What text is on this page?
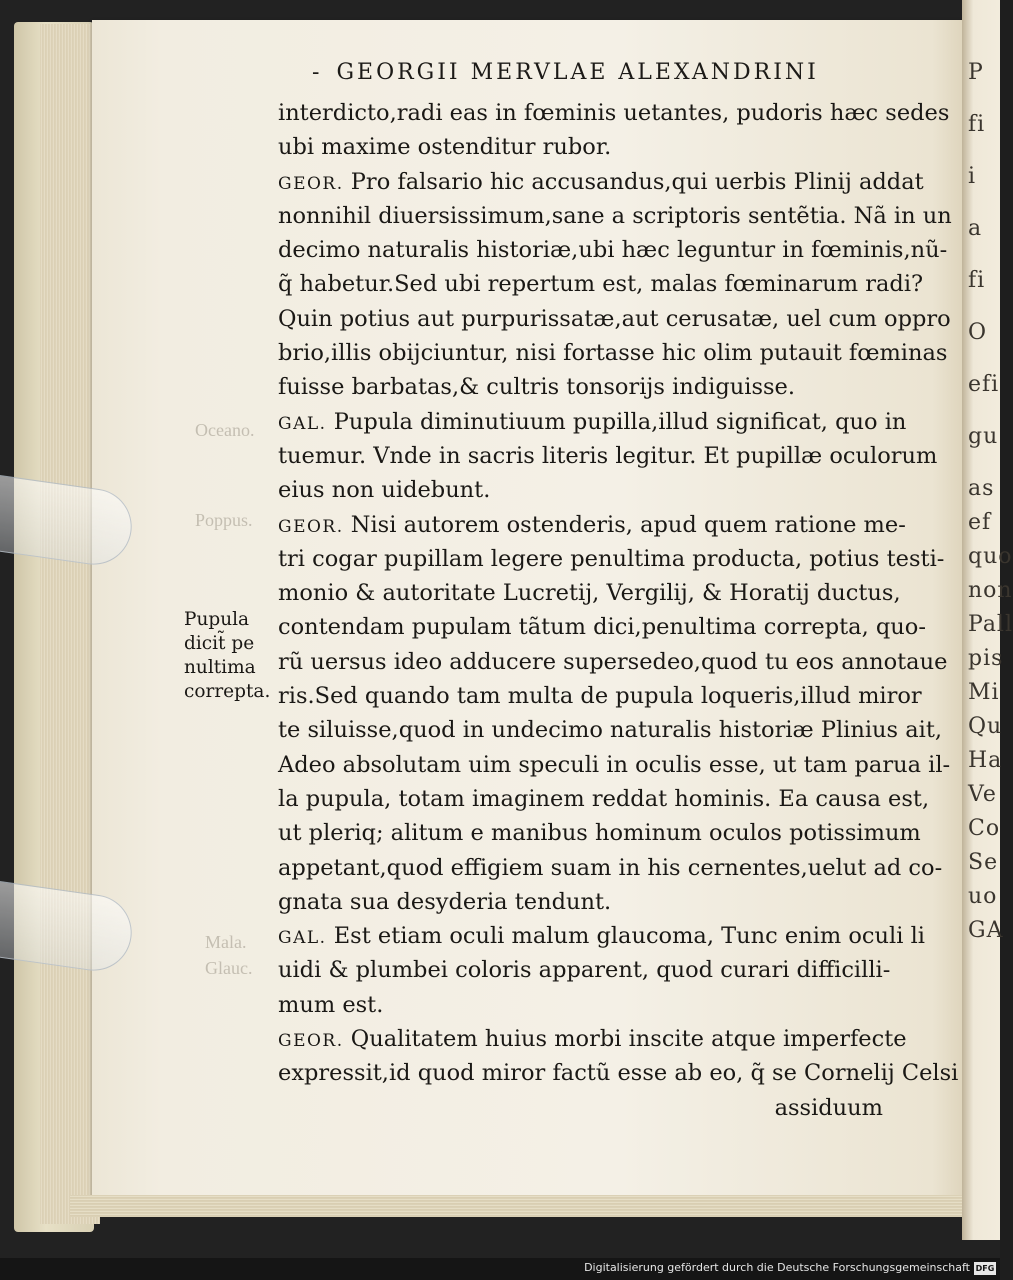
P
fi
i
a
fi
O
efi
gu
as
ef
quo
non
Pall
pis
Mi
Qu
Ha
Ve
Co
Se
uo
GA
Oceano.
Poppus.
Mala.
Glauc.
- GEORGII MERVLAE ALEXANDRINI
interdicto,radi eas in fœminis uetantes, pudoris hæc sedes
ubi maxime ostenditur rubor.
GEOR. Pro falsario hic accusandus,qui uerbis Plinij addat
nonnihil diuersissimum,sane a scriptoris sentẽtia. Nã in un
decimo naturalis historiæ,ubi hæc leguntur in fœminis,nũ-
q̃ habetur.Sed ubi repertum est, malas fœminarum radi?
Quin potius aut purpurissatæ,aut cerusatæ, uel cum oppro
brio,illis obijciuntur, nisi fortasse hic olim putauit fœminas
fuisse barbatas,& cultris tonsorijs indiguisse.
GAL. Pupula diminutiuum pupilla,illud significat, quo in
tuemur. Vnde in sacris literis legitur. Et pupillæ oculorum
eius non uidebunt.
GEOR. Nisi autorem ostenderis, apud quem ratione me-
tri cogar pupillam legere penultima producta, potius testi-
monio & autoritate Lucretij, Vergilij, & Horatij ductus,
contendam pupulam tãtum dici,penultima correpta, quo-
rũ uersus ideo adducere supersedeo,quod tu eos annotaue
ris.Sed quando tam multa de pupula loqueris,illud miror
te siluisse,quod in undecimo naturalis historiæ Plinius ait,
Adeo absolutam uim speculi in oculis esse, ut tam parua il-
la pupula, totam imaginem reddat hominis. Ea causa est,
ut pleriq; alitum e manibus hominum oculos potissimum
appetant,quod effigiem suam in his cernentes,uelut ad co-
gnata sua desyderia tendunt.
GAL. Est etiam oculi malum glaucoma, Tunc enim oculi li
uidi & plumbei coloris apparent, quod curari difficilli-
mum est.
GEOR. Qualitatem huius morbi inscite atque imperfecte
expressit,id quod miror factũ esse ab eo, q̃ se Cornelij Celsi
assiduum
Pupula
dicit̃ pe
nultima
correpta.
Digitalisierung gefördert durch die Deutsche Forschungsgemeinschaft DFG
